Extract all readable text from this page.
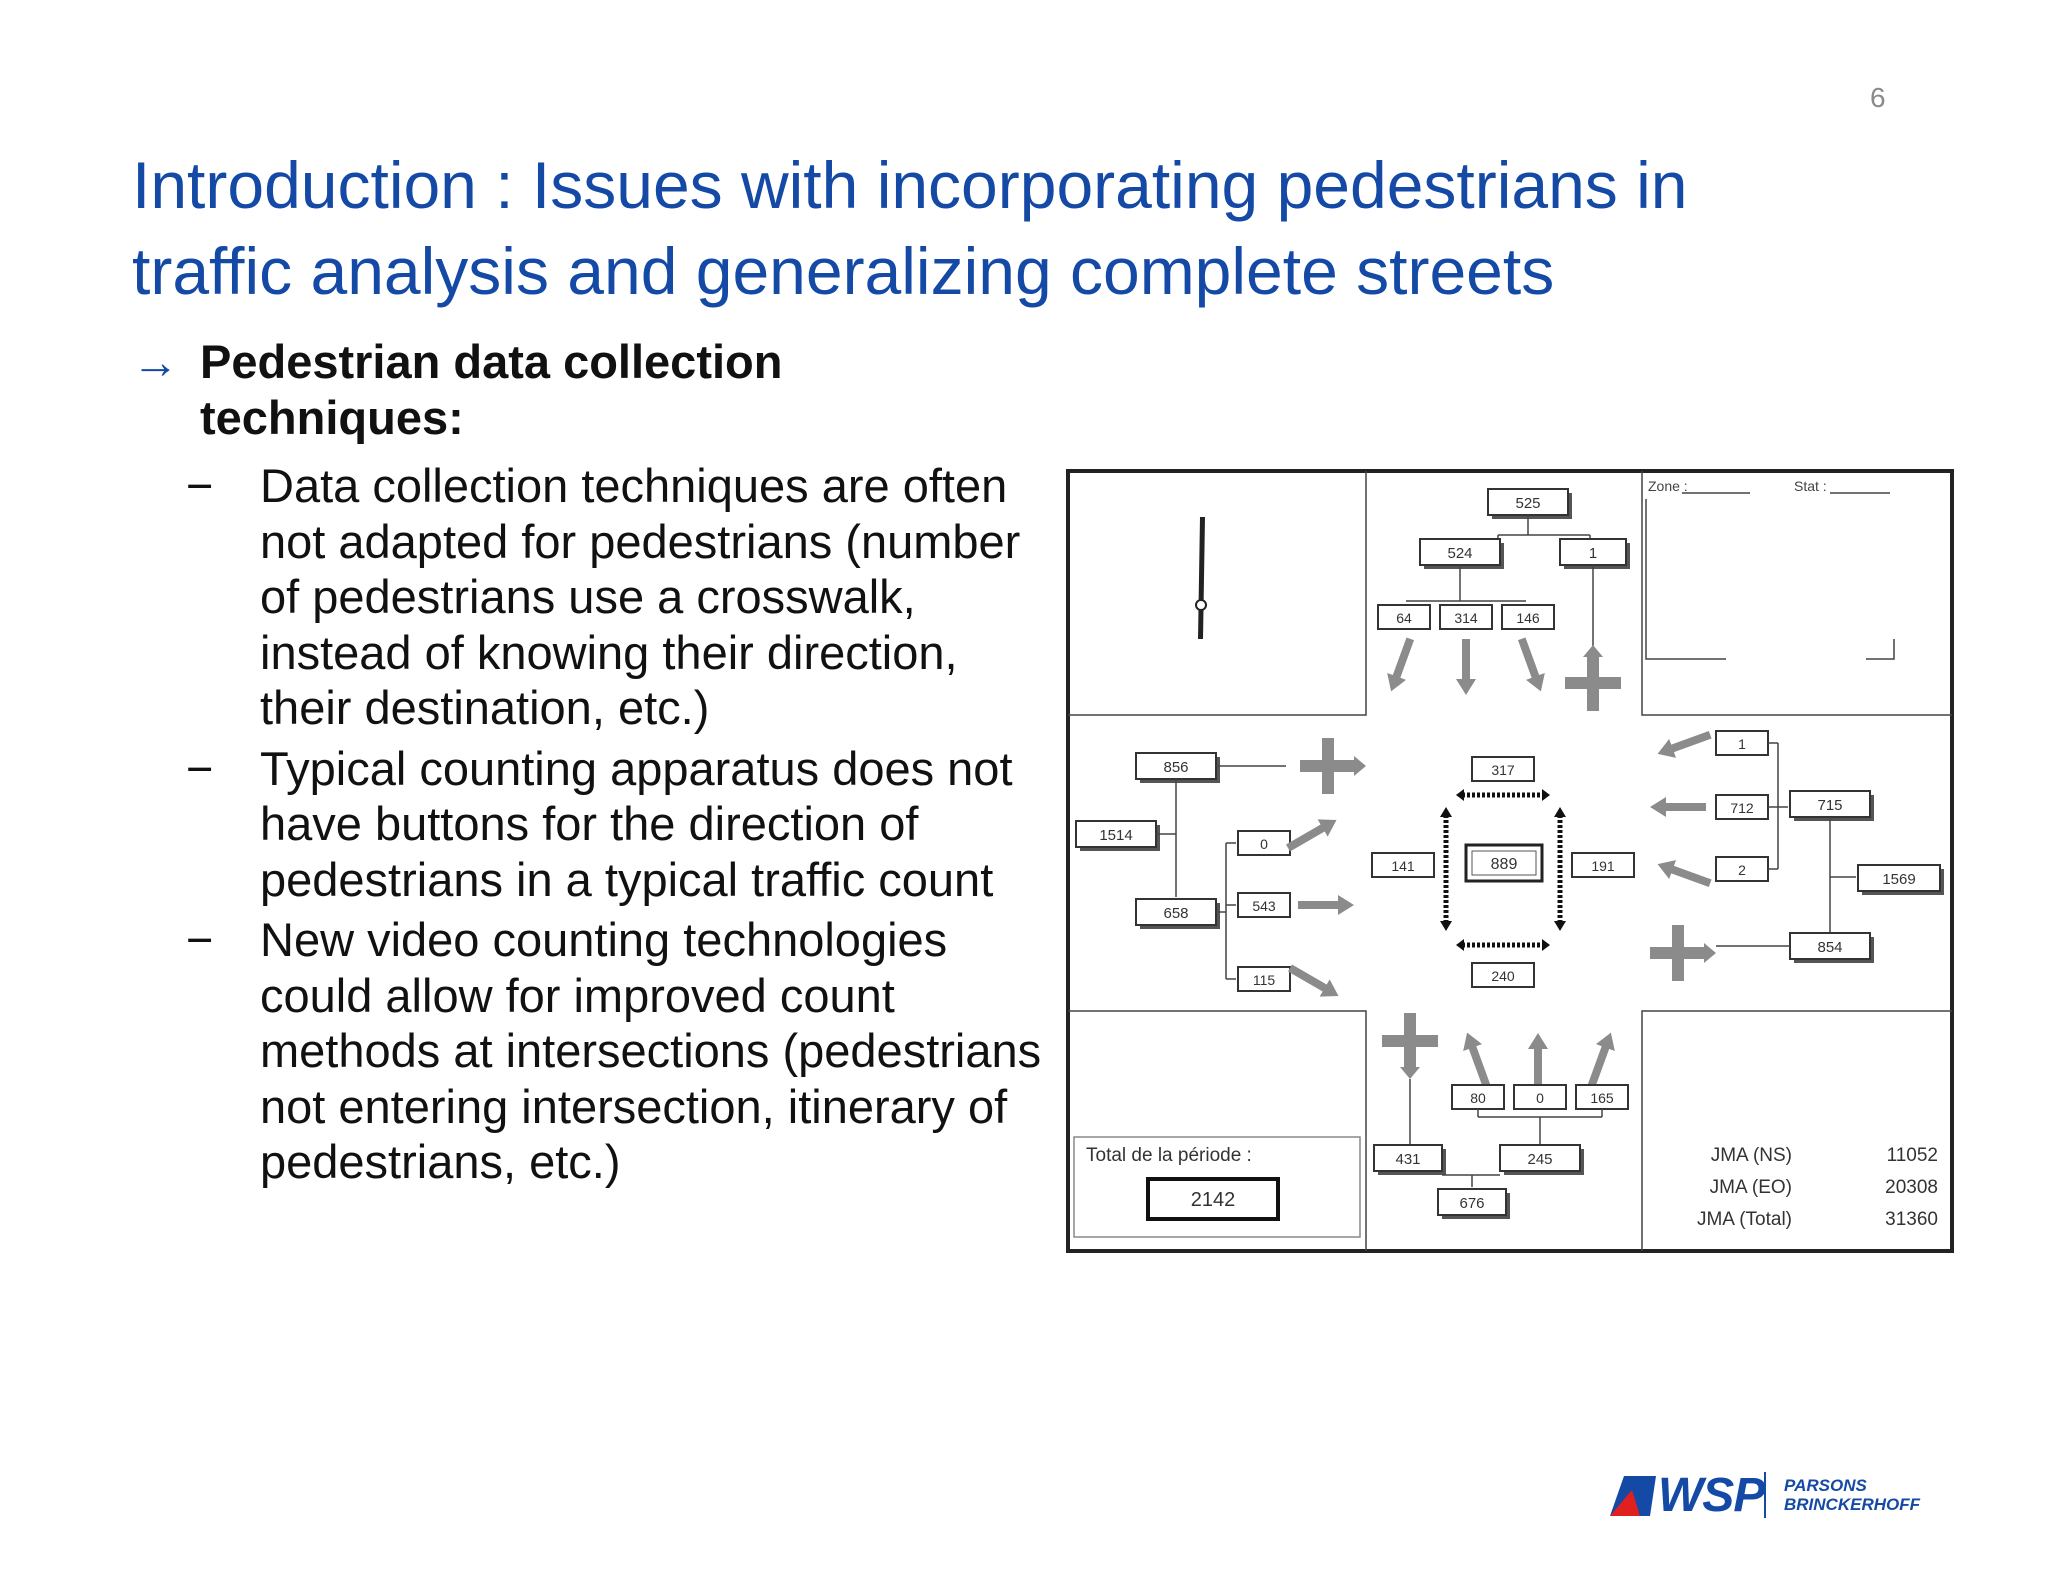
6
Introduction : Issues with incorporating pedestrians in
traffic analysis and generalizing complete streets
→ Pedestrian data collection techniques:
− Data collection techniques are often not adapted for pedestrians (number of pedestrians use a crosswalk, instead of knowing their direction, their destination, etc.)
− Typical counting apparatus does not have buttons for the direction of pedestrians in a typical traffic count
− New video counting technologies could allow for improved count methods at intersections (pedestrians not entering intersection, itinerary of pedestrians, etc.)
Zone :	Stat :
525
524	1
64	314	146
856
1514
658
0
543
115
1
712
2
715
1569
854
317
141	889	191
240
80	0	165
431	245
676
Total de la période :
2142
JMA (NS)	11052
JMA (EO)	20308
JMA (Total)	31360
WSP PARSONS
BRINCKERHOFF
